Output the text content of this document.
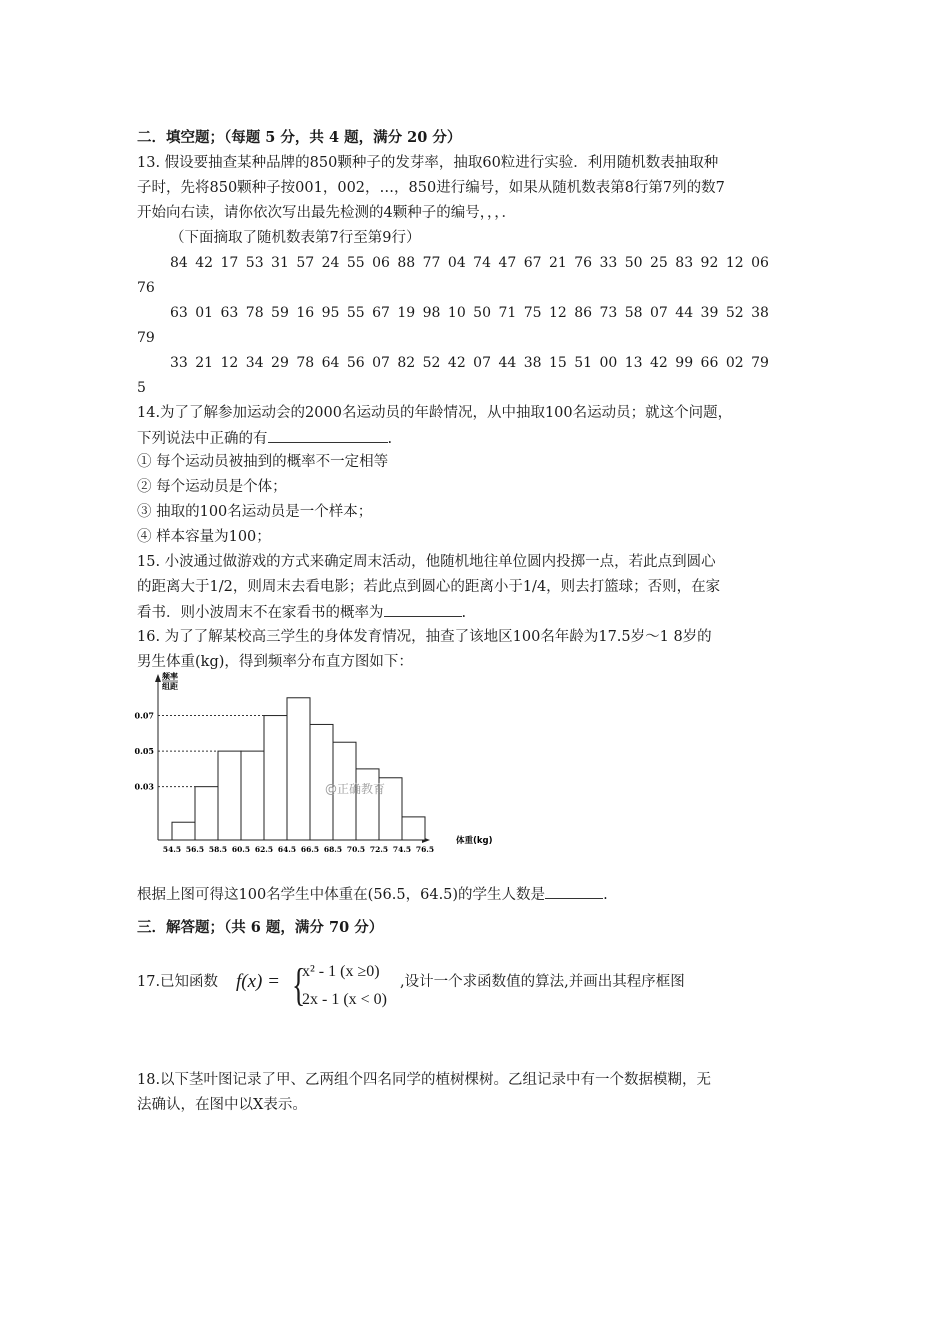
二．填空题；（每题 5 分，共 4 题，满分 20 分）
13. 假设要抽查某种品牌的850颗种子的发芽率，抽取60粒进行实验．利用随机数表抽取种
子时，先将850颗种子按001，002，…，850进行编号，如果从随机数表第8行第7列的数7
开始向右读，请你依次写出最先检测的4颗种子的编号，，，．
（下面摘取了随机数表第7行至第9行）
84 42 17 53 31 57 24 55 06 88 77 04 74 47 67 21 76 33 50 25 83 92 12 06
76
63 01 63 78 59 16 95 55 67 19 98 10 50 71 75 12 86 73 58 07 44 39 52 38
79
33 21 12 34 29 78 64 56 07 82 52 42 07 44 38 15 51 00 13 42 99 66 02 79
5
14.为了了解参加运动会的2000名运动员的年龄情况，从中抽取100名运动员；就这个问题，
下列说法中正确的有	.
① 每个运动员被抽到的概率不一定相等
② 每个运动员是个体；
③ 抽取的100名运动员是一个样本；
④ 样本容量为100；
15. 小波通过做游戏的方式来确定周末活动，他随机地往单位圆内投掷一点，若此点到圆心
的距离大于1/2，则周末去看电影；若此点到圆心的距离小于1/4，则去打篮球；否则，在家
看书．则小波周末不在家看书的概率为	.
16. 为了了解某校高三学生的身体发育情况，抽查了该地区100名年龄为17.5岁～1 8岁的
男生体重(kg)，得到频率分布直方图如下：
0.07
0.05
0.03
54.5 56.5 58.5 60.5 62.5 64.5 66.5 68.5 70.5 72.5 74.5 76.5
频率
组距
体重(kg)
@正确教育
根据上图可得这100名学生中体重在(56.5，64.5)的学生人数是	.
三．解答题；（共 6 题，满分 70 分）
17.已知函数 f(x) = {
x² - 1 (x ≥0)
2x - 1 (x < 0)
,设计一个求函数值的算法,并画出其程序框图
18.以下茎叶图记录了甲、乙两组个四名同学的植树棵树。乙组记录中有一个数据模糊，无
法确认，在图中以X表示。
